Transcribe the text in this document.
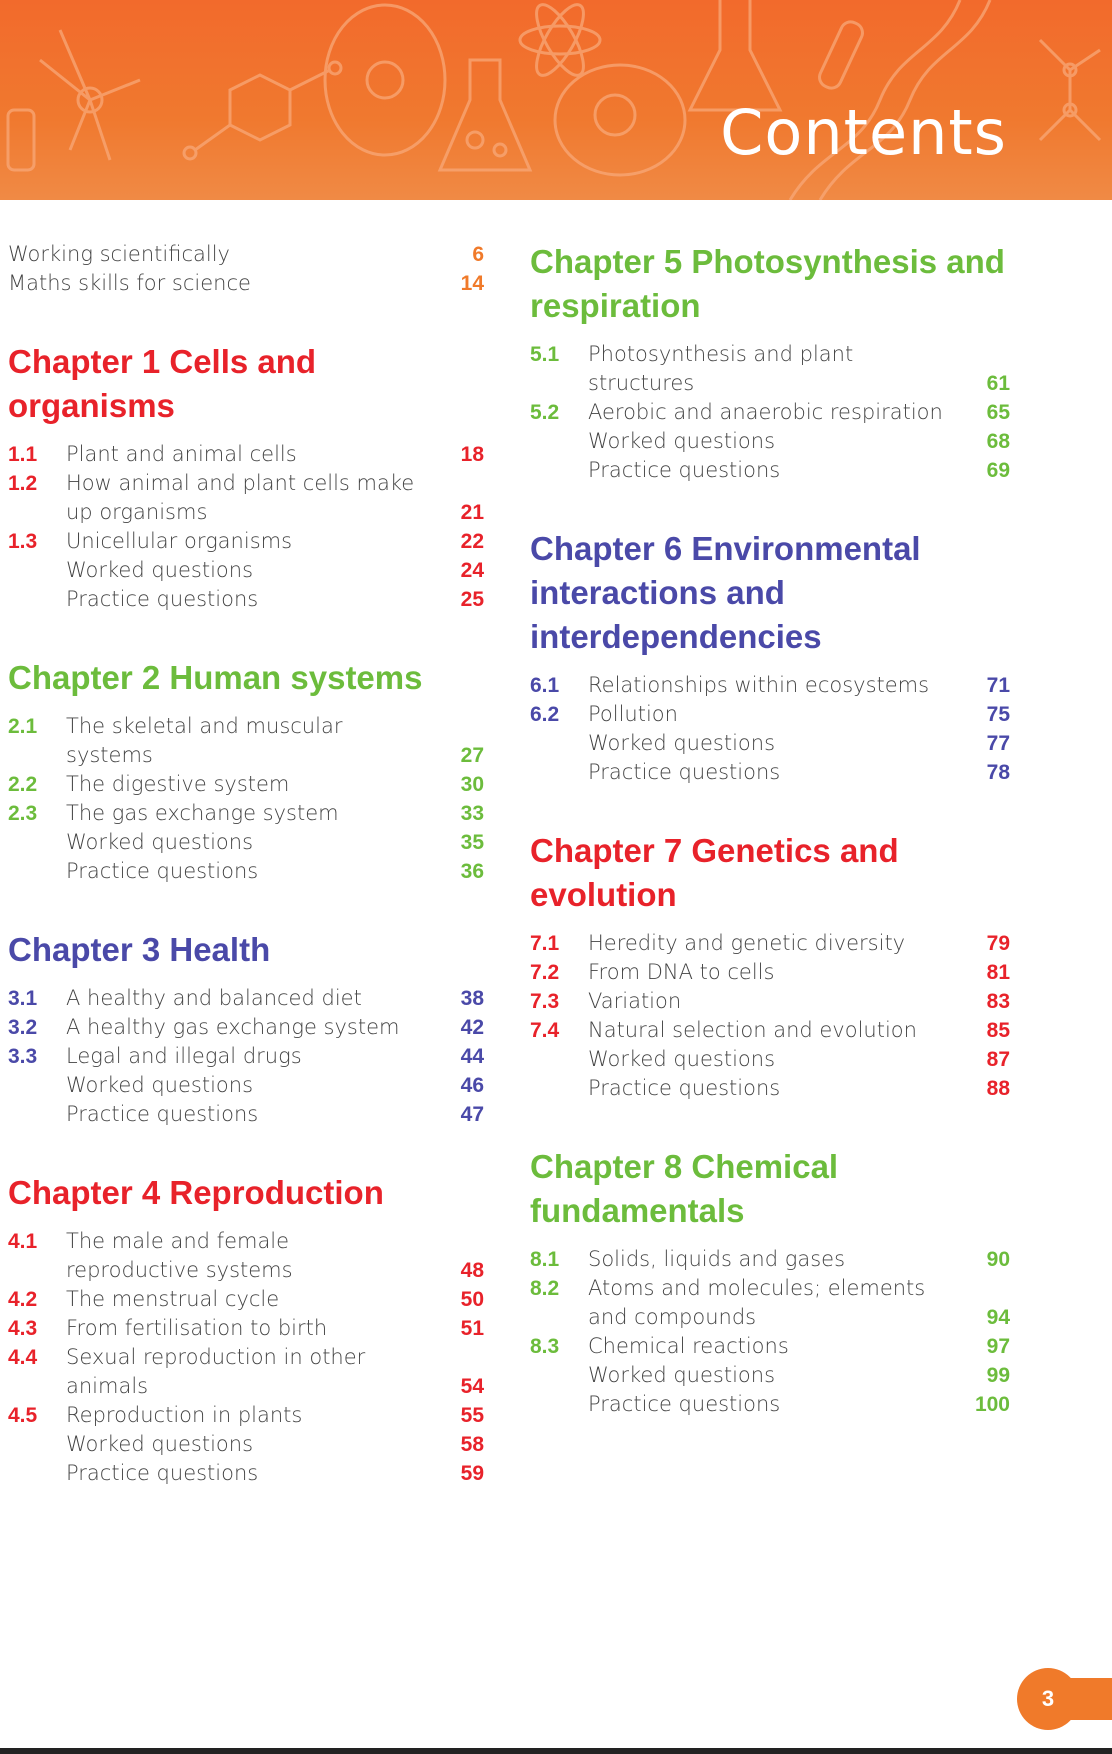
Contents
Working scientifically	6
Maths skills for science	14
Chapter 1 Cells and organisms
1.1	Plant and animal cells	18
1.2	How animal and plant cells make up organisms	21
1.3	Unicellular organisms	22
Worked questions	24
Practice questions	25
Chapter 2 Human systems
2.1	The skeletal and muscular systems	27
2.2	The digestive system	30
2.3	The gas exchange system	33
Worked questions	35
Practice questions	36
Chapter 3 Health
3.1	A healthy and balanced diet	38
3.2	A healthy gas exchange system	42
3.3	Legal and illegal drugs	44
Worked questions	46
Practice questions	47
Chapter 4 Reproduction
4.1	The male and female reproductive systems	48
4.2	The menstrual cycle	50
4.3	From fertilisation to birth	51
4.4	Sexual reproduction in other animals	54
4.5	Reproduction in plants	55
Worked questions	58
Practice questions	59
Chapter 5 Photosynthesis and respiration
5.1	Photosynthesis and plant structures	61
5.2	Aerobic and anaerobic respiration	65
Worked questions	68
Practice questions	69
Chapter 6 Environmental interactions and interdependencies
6.1	Relationships within ecosystems	71
6.2	Pollution	75
Worked questions	77
Practice questions	78
Chapter 7 Genetics and evolution
7.1	Heredity and genetic diversity	79
7.2	From DNA to cells	81
7.3	Variation	83
7.4	Natural selection and evolution	85
Worked questions	87
Practice questions	88
Chapter 8 Chemical fundamentals
8.1	Solids, liquids and gases	90
8.2	Atoms and molecules; elements and compounds	94
8.3	Chemical reactions	97
Worked questions	99
Practice questions	100
3
